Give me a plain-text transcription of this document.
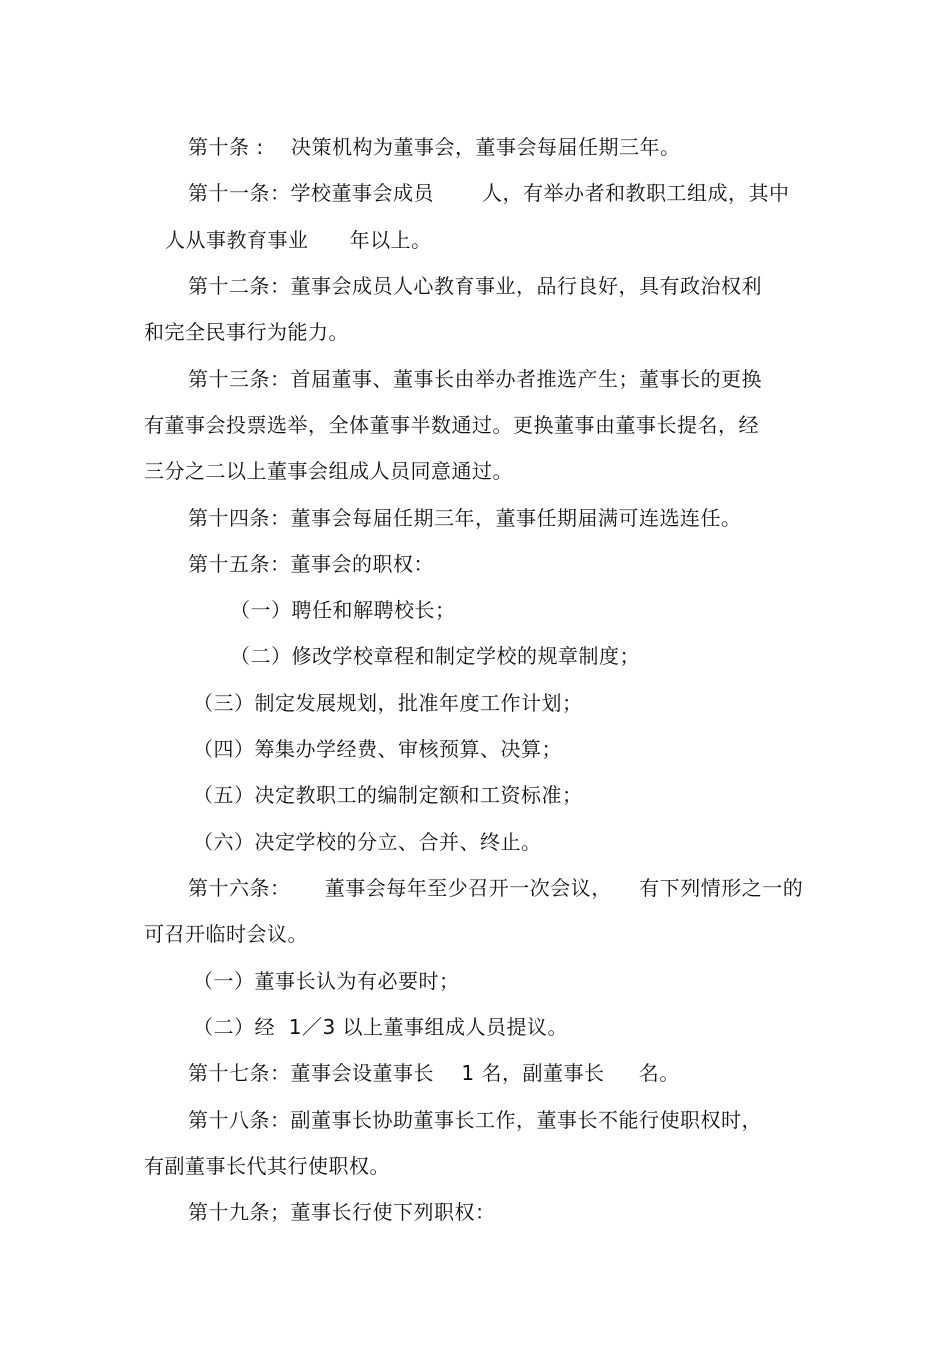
第十条 :    决策机构为董事会，董事会每届任期三年。
第十一条：学校董事会成员       人，有举办者和教职工组成，其中
人从事教育事业      年以上。
第十二条：董事会成员人心教育事业，品行良好，具有政治权利
和完全民事行为能力。
第十三条：首届董事、董事长由举办者推选产生；董事长的更换
有董事会投票选举，全体董事半数通过。更换董事由董事长提名，经
三分之二以上董事会组成人员同意通过。
第十四条：董事会每届任期三年，董事任期届满可连选连任。
第十五条：董事会的职权：
（一）聘任和解聘校长；
（二）修改学校章程和制定学校的规章制度；
（三）制定发展规划，批准年度工作计划；
（四）筹集办学经费、审核预算、决算；
（五）决定教职工的编制定额和工资标准；
（六）决定学校的分立、合并、终止。
第十六条：     董事会每年至少召开一次会议，    有下列情形之一的
可召开临时会议。
（一）董事长认为有必要时；
（二）经  1／3 以上董事组成人员提议。
第十七条：董事会设董事长    1 名，副董事长     名。
第十八条：副董事长协助董事长工作，董事长不能行使职权时，
有副董事长代其行使职权。
第十九条；董事长行使下列职权：
